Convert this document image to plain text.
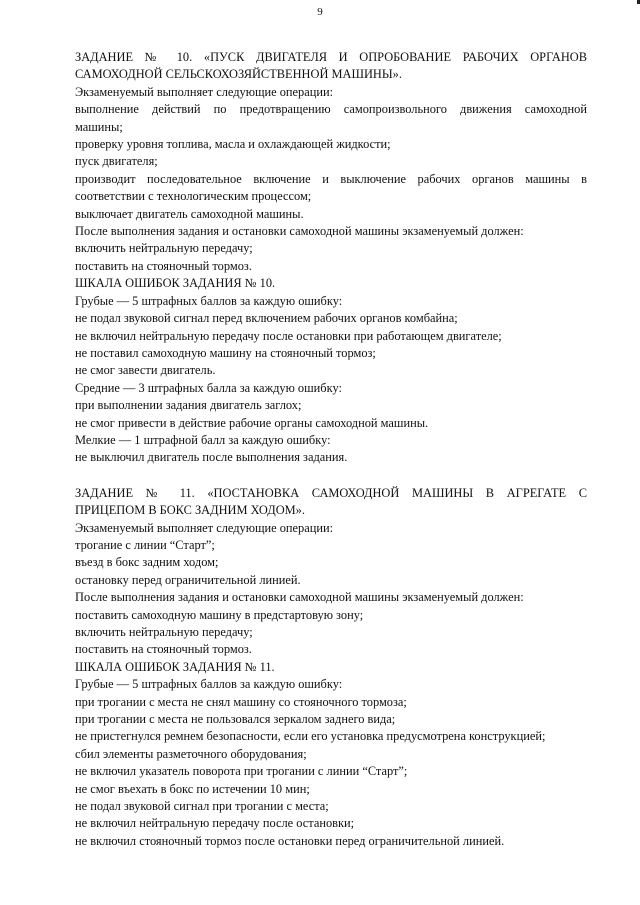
9

ЗАДАНИЕ № 10. «ПУСК ДВИГАТЕЛЯ И ОПРОБОВАНИЕ РАБОЧИХ ОРГАНОВ

САМОХОДНОЙ СЕЛЬСКОХОЗЯЙСТВЕННОЙ МАШИНЫ».

Экзаменуемый выполняет следующие операции:

выполнение действий по предотвращению самопроизвольного движения самоходной

машины;

проверку уровня топлива, масла и охлаждающей жидкости;

пуск двигателя;

производит последовательное включение и выключение рабочих органов машины в

соответствии с технологическим процессом;

выключает двигатель самоходной машины.

После выполнения задания и остановки самоходной машины экзаменуемый должен:

включить нейтральную передачу;

поставить на стояночный тормоз.

ШКАЛА ОШИБОК ЗАДАНИЯ № 10.

Грубые — 5 штрафных баллов за каждую ошибку:

не подал звуковой сигнал перед включением рабочих органов комбайна;

не включил нейтральную передачу после остановки при работающем двигателе;

не поставил самоходную машину на стояночный тормоз;

не смог завести двигатель.

Средние — 3 штрафных балла за каждую ошибку:

при выполнении задания двигатель заглох;

не смог привести в действие рабочие органы самоходной машины.

Мелкие — 1 штрафной балл за каждую ошибку:

не выключил двигатель после выполнения задания.

ЗАДАНИЕ № 11. «ПОСТАНОВКА САМОХОДНОЙ МАШИНЫ В АГРЕГАТЕ С

ПРИЦЕПОМ В БОКС ЗАДНИМ ХОДОМ».

Экзаменуемый выполняет следующие операции:

трогание с линии “Старт”;

въезд в бокс задним ходом;

остановку перед ограничительной линией.

После выполнения задания и остановки самоходной машины экзаменуемый должен:

поставить самоходную машину в предстартовую зону;

включить нейтральную передачу;

поставить на стояночный тормоз.

ШКАЛА ОШИБОК ЗАДАНИЯ № 11.

Грубые — 5 штрафных баллов за каждую ошибку:

при трогании с места не снял машину со стояночного тормоза;

при трогании с места не пользовался зеркалом заднего вида;

не пристегнулся ремнем безопасности, если его установка предусмотрена конструкцией;

сбил элементы разметочного оборудования;

не включил указатель поворота при трогании с линии “Старт”;

не смог въехать в бокс по истечении 10 мин;

не подал звуковой сигнал при трогании с места;

не включил нейтральную передачу после остановки;

не включил стояночный тормоз после остановки перед ограничительной линией.
